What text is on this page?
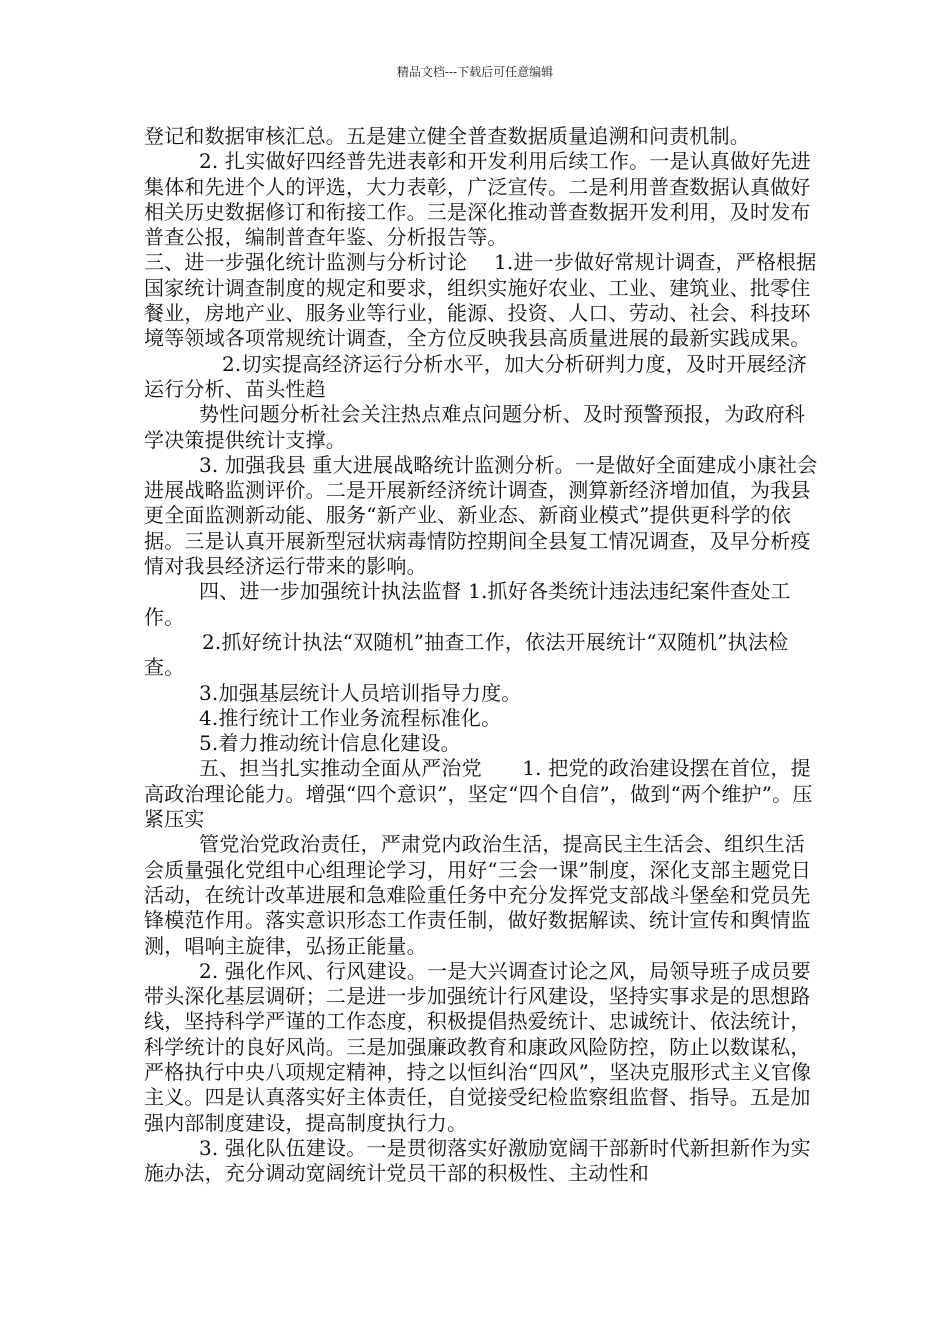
精品文档---下载后可任意编辑

登记和数据审核汇总。五是建立健全普查数据质量追溯和问责机制。

2. 扎实做好四经普先进表彰和开发利用后续工作。一是认真做好先进集体和先进个人的评选，大力表彰，广泛宣传。二是利用普查数据认真做好相关历史数据修订和衔接工作。三是深化推动普查数据开发利用，及时发布普查公报，编制普查年鉴、分析报告等。

三、进一步强化统计监测与分析讨论　 1.进一步做好常规计调查，严格根据国家统计调查制度的规定和要求，组织实施好农业、工业、建筑业、批零住餐业，房地产业、服务业等行业，能源、投资、人口、劳动、社会、科技环境等领域各项常规统计调查，全方位反映我县高质量进展的最新实践成果。

2.切实提高经济运行分析水平，加大分析研判力度，及时开展经济运行分析、苗头性趋

势性问题分析社会关注热点难点问题分析、及时预警预报，为政府科学决策提供统计支撑。

3. 加强我县 重大进展战略统计监测分析。一是做好全面建成小康社会进展战略监测评价。二是开展新经济统计调查，测算新经济增加值，为我县更全面监测新动能、服务“新产业、新业态、新商业模式”提供更科学的依据。三是认真开展新型冠状病毒情防控期间全县复工情况调查，及早分析疫情对我县经济运行带来的影响。

四、进一步加强统计执法监督 1.抓好各类统计违法违纪案件查处工作。

2.抓好统计执法“双随机”抽查工作，依法开展统计“双随机”执法检查。

3.加强基层统计人员培训指导力度。

4.推行统计工作业务流程标准化。

5.着力推动统计信息化建设。

五、担当扎实推动全面从严治党　　1. 把党的政治建设摆在首位，提高政治理论能力。增强“四个意识”，坚定“四个自信”，做到“两个维护”。压紧压实

管党治党政治责任，严肃党内政治生活，提高民主生活会、组织生活会质量强化党组中心组理论学习，用好“三会一课”制度，深化支部主题党日活动，在统计改革进展和急难险重任务中充分发挥党支部战斗堡垒和党员先锋模范作用。落实意识形态工作责任制，做好数据解读、统计宣传和舆情监测，唱响主旋律，弘扬正能量。

2. 强化作风、行风建设。一是大兴调查讨论之风，局领导班子成员要带头深化基层调研；二是进一步加强统计行风建设，坚持实事求是的思想路线，坚持科学严谨的工作态度，积极提倡热爱统计、忠诚统计、依法统计，科学统计的良好风尚。三是加强廉政教育和康政风险防控，防止以数谋私，严格执行中央八项规定精神，持之以恒纠治“四风”，坚决克服形式主义官像主义。四是认真落实好主体责任，自觉接受纪检监察组监督、指导。五是加强内部制度建设，提高制度执行力。

3. 强化队伍建设。一是贯彻落实好激励宽阔干部新时代新担新作为实施办法，充分调动宽阔统计党员干部的积极性、主动性和
